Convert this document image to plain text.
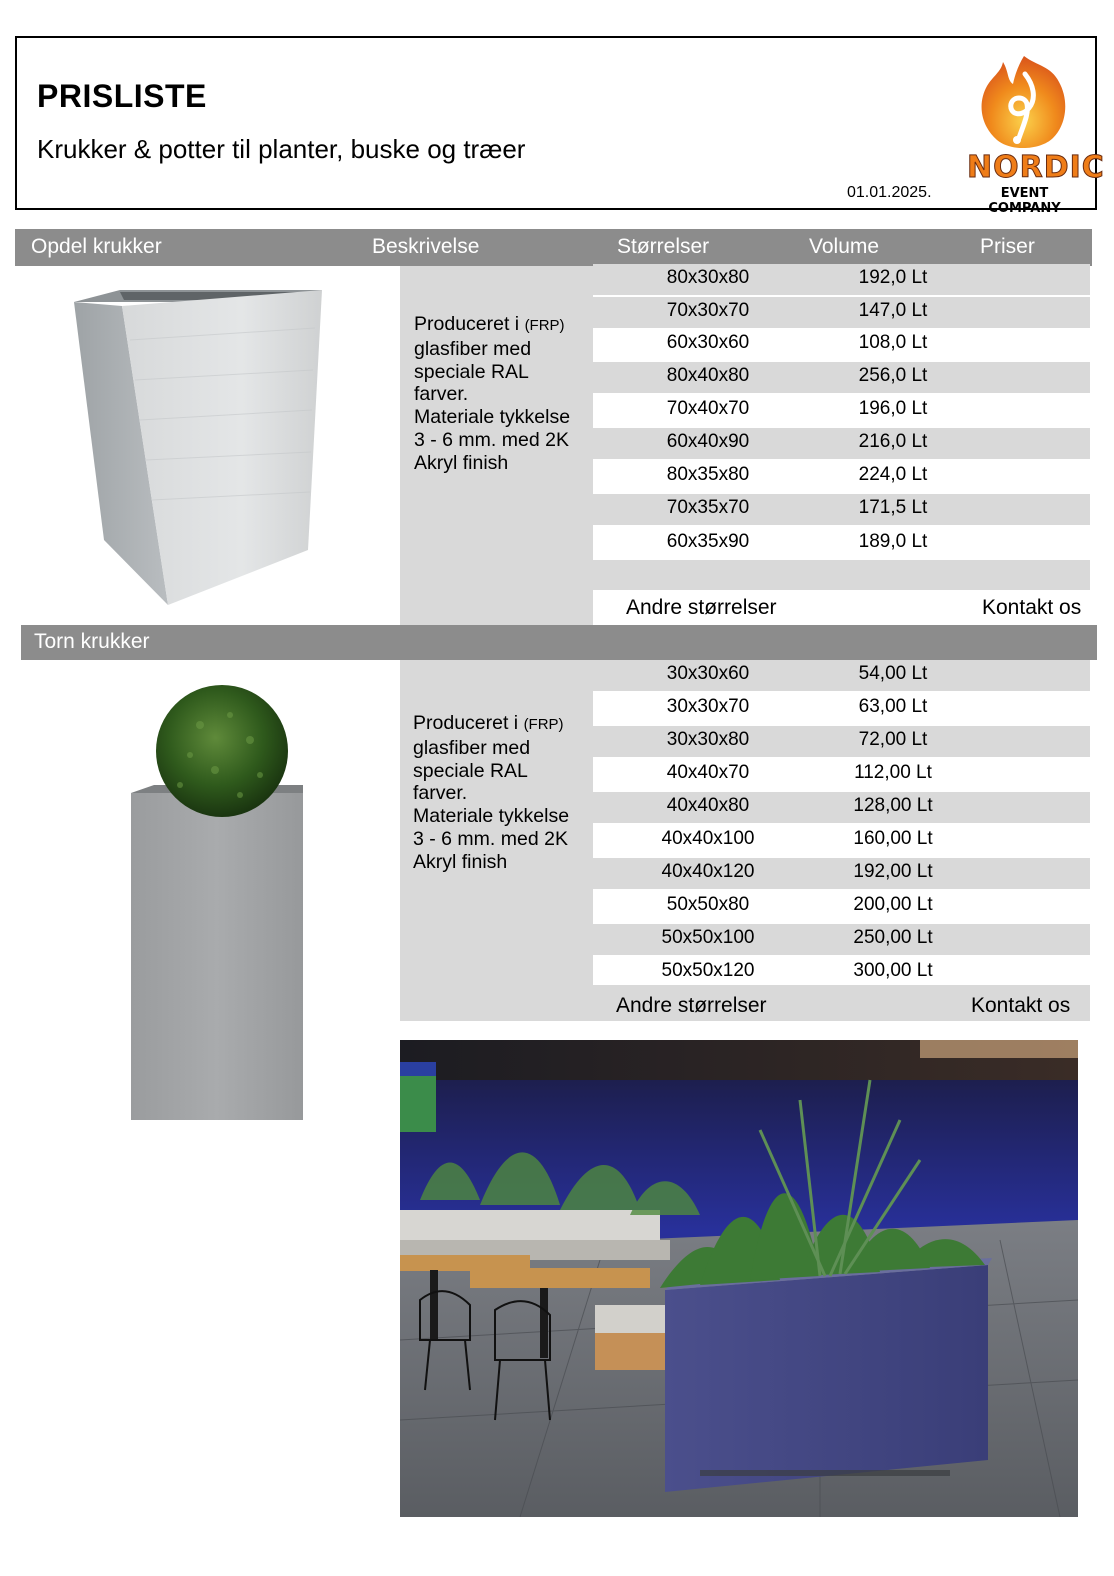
PRISLISTE
Krukker & potter til planter, buske og træer
01.01.2025.
NORDIC
EVENT COMPANY
Opdel krukker	Beskrivelse	Størrelser	Volume	Priser
Produceret i (FRP)
glasfiber med
speciale RAL
farver.
Materiale tykkelse
3 - 6 mm. med 2K
Akryl finish
80x30x80	192,0 Lt
70x30x70	147,0 Lt
60x30x60	108,0 Lt
80x40x80	256,0 Lt
70x40x70	196,0 Lt
60x40x90	216,0 Lt
80x35x80	224,0 Lt
70x35x70	171,5 Lt
60x35x90	189,0 Lt
Andre størrelser	Kontakt os
Torn krukker
Produceret i (FRP)
glasfiber med
speciale RAL
farver.
Materiale tykkelse
3 - 6 mm. med 2K
Akryl finish
30x30x60	54,00 Lt
30x30x70	63,00 Lt
30x30x80	72,00 Lt
40x40x70	112,00 Lt
40x40x80	128,00 Lt
40x40x100	160,00 Lt
40x40x120	192,00 Lt
50x50x80	200,00 Lt
50x50x100	250,00 Lt
50x50x120	300,00 Lt
Andre størrelser	Kontakt os
